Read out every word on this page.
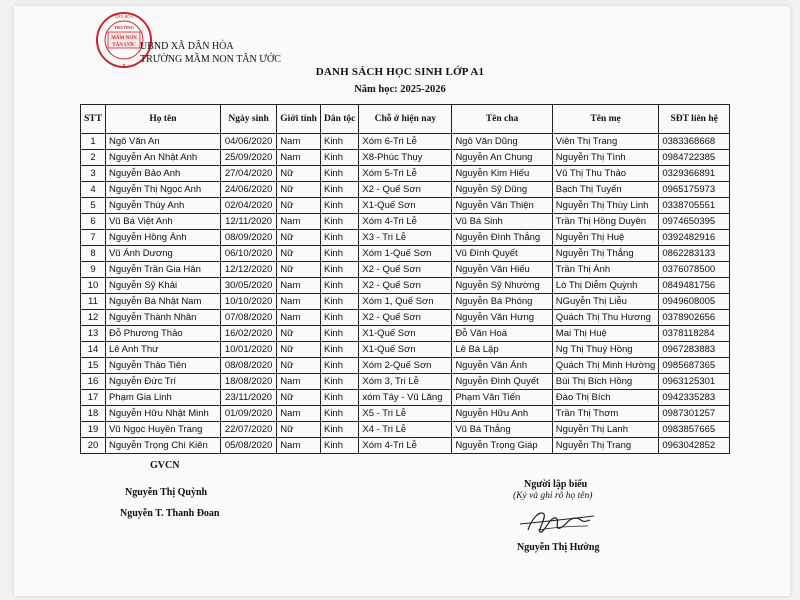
MẦM NON
TÂN ƯỚC
TRƯỜNG
DÂN HÒA
★
UBND XÃ DÂN HÒA
TRƯỜNG MẦM NON TÂN ƯỚC
DANH SÁCH HỌC SINH LỚP A1
Năm học: 2025-2026
STT	Họ tên	Ngày sinh	Giới tính	Dân tộc	Chỗ ở hiện nay	Tên cha	Tên mẹ	SĐT liên hệ
1	Ngô Văn An	04/06/2020	Nam	Kinh	Xóm 6-Tri Lễ	Ngô Văn Dũng	Viên Thị Trang	0383368668
2	Nguyễn An Nhật Anh	25/09/2020	Nam	Kinh	X8-Phúc Thụy	Nguyễn An Chung	Nguyễn Thị Tình	0984722385
3	Nguyễn Bảo Anh	27/04/2020	Nữ	Kinh	Xóm 5-Tri Lễ	Nguyễn Kim Hiếu	Vũ Thị Thu Thảo	0329366891
4	Nguyễn Thị Ngọc Anh	24/06/2020	Nữ	Kinh	X2 - Quế Sơn	Nguyễn Sỹ Dũng	Bạch Thị Tuyến	0965175973
5	Nguyễn Thùy Anh	02/04/2020	Nữ	Kinh	X1-Quế Sơn	Nguyễn Văn Thiện	Nguyễn Thị Thùy Linh	0338705551
6	Vũ Bá Việt Anh	12/11/2020	Nam	Kinh	Xóm 4-Tri Lễ	Vũ Bá Sinh	Trần Thị Hồng Duyên	0974650395
7	Nguyễn Hồng Ánh	08/09/2020	Nữ	Kinh	X3 - Tri Lễ	Nguyễn Đình Thắng	Nguyễn Thị Huệ	0392482916
8	Vũ Ánh Dương	06/10/2020	Nữ	Kinh	Xóm 1-Quế Sơn	Vũ Đình Quyết	Nguyễn Thị Thắng	0862283133
9	Nguyễn Trần Gia Hân	12/12/2020	Nữ	Kinh	X2 - Quế Sơn	Nguyễn Văn Hiếu	Trần Thị Ánh	0376078500
10	Nguyễn Sỹ Khải	30/05/2020	Nam	Kinh	X2 - Quế Sơn	Nguyễn Sỹ Nhường	Lò Thị Diễm Quỳnh	0849481756
11	Nguyễn Bá Nhật Nam	10/10/2020	Nam	Kinh	Xóm 1, Quế Sơn	Nguyễn Bá Phóng	NGuyễn Thị Liễu	0949608005
12	Nguyễn Thành Nhân	07/08/2020	Nam	Kinh	X2 - Quế Sơn	Nguyễn Văn Hưng	Quách Thị Thu Hương	0378902656
13	Đỗ Phương Thảo	16/02/2020	Nữ	Kinh	X1-Quế Sơn	Đỗ Văn Hoà	Mai Thị Huệ	0378118284
14	Lê Anh Thư	10/01/2020	Nữ	Kinh	X1-Quế Sơn	Lê Bá Lập	Ng Thị Thuý Hồng	0967283883
15	Nguyễn Thảo Tiên	08/08/2020	Nữ	Kinh	Xóm 2-Quế Sơn	Nguyễn Văn Ánh	Quách Thị Minh Hường	0985687365
16	Nguyễn Đức Trí	18/08/2020	Nam	Kinh	Xóm 3, Tri Lễ	Nguyễn Đình Quyết	Bùi Thị Bích Hồng	0963125301
17	Phạm Gia Linh	23/11/2020	Nữ	Kinh	xóm Tây - Vũ Lăng	Phạm Văn Tiến	Đào Thị Bích	0942335283
18	Nguyễn Hữu Nhật Minh	01/09/2020	Nam	Kinh	X5 - Tri Lễ	Nguyễn Hữu Anh	Trần Thị Thơm	0987301257
19	Vũ Ngọc Huyền Trang	22/07/2020	Nữ	Kinh	X4 - Tri Lễ	Vũ Bá Thắng	Nguyễn Thị Lanh	0983857665
20	Nguyễn Trọng Chí Kiên	05/08/2020	Nam	Kinh	Xóm 4-Tri Lễ	Nguyễn Trọng Giáp	Nguyễn Thị Trang	0963042852
GVCN
Nguyễn Thị Quỳnh
Nguyễn T. Thanh Đoan
Người lập biểu
(Ký và ghi rõ họ tên)
Nguyễn Thị Hường
